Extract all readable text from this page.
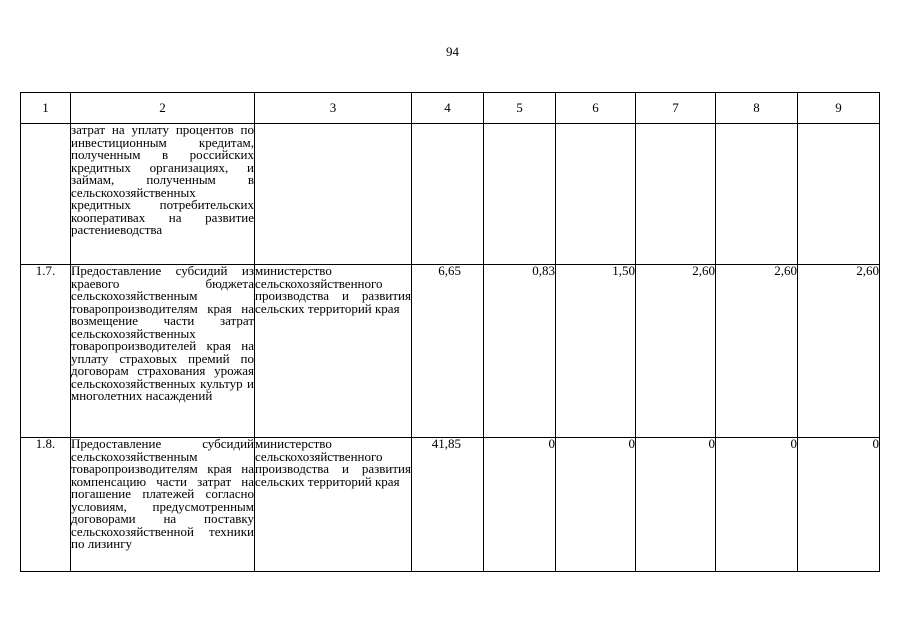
94
1	2	3	4	5	6	7	8	9
	затрат на уплату процентов по инвестиционным кредитам, полученным в российских кредитных организациях, и займам, полученным в сельскохозяйственных кредитных потребительских кооперативах на развитие растениеводства							
1.7.	Предоставление субсидий из краевого бюджета сельскохозяйственным товаропроизводителям края на возмещение части затрат сельскохозяйственных товаропроизводителей края на уплату страховых премий по договорам страхования урожая сельскохозяйственных культур и многолетних насаждений	министерство сельскохозяйственного производства и развития сельских территорий края	6,65	0,83	1,50	2,60	2,60	2,60
1.8.	Предоставление субсидий сельскохозяйственным товаропроизводителям края на компенсацию части затрат на погашение платежей согласно условиям, предусмотренным договорами на поставку сельскохозяйственной техники по лизингу	министерство сельскохозяйственного производства и развития сельских территорий края	41,85	0	0	0	0	0
